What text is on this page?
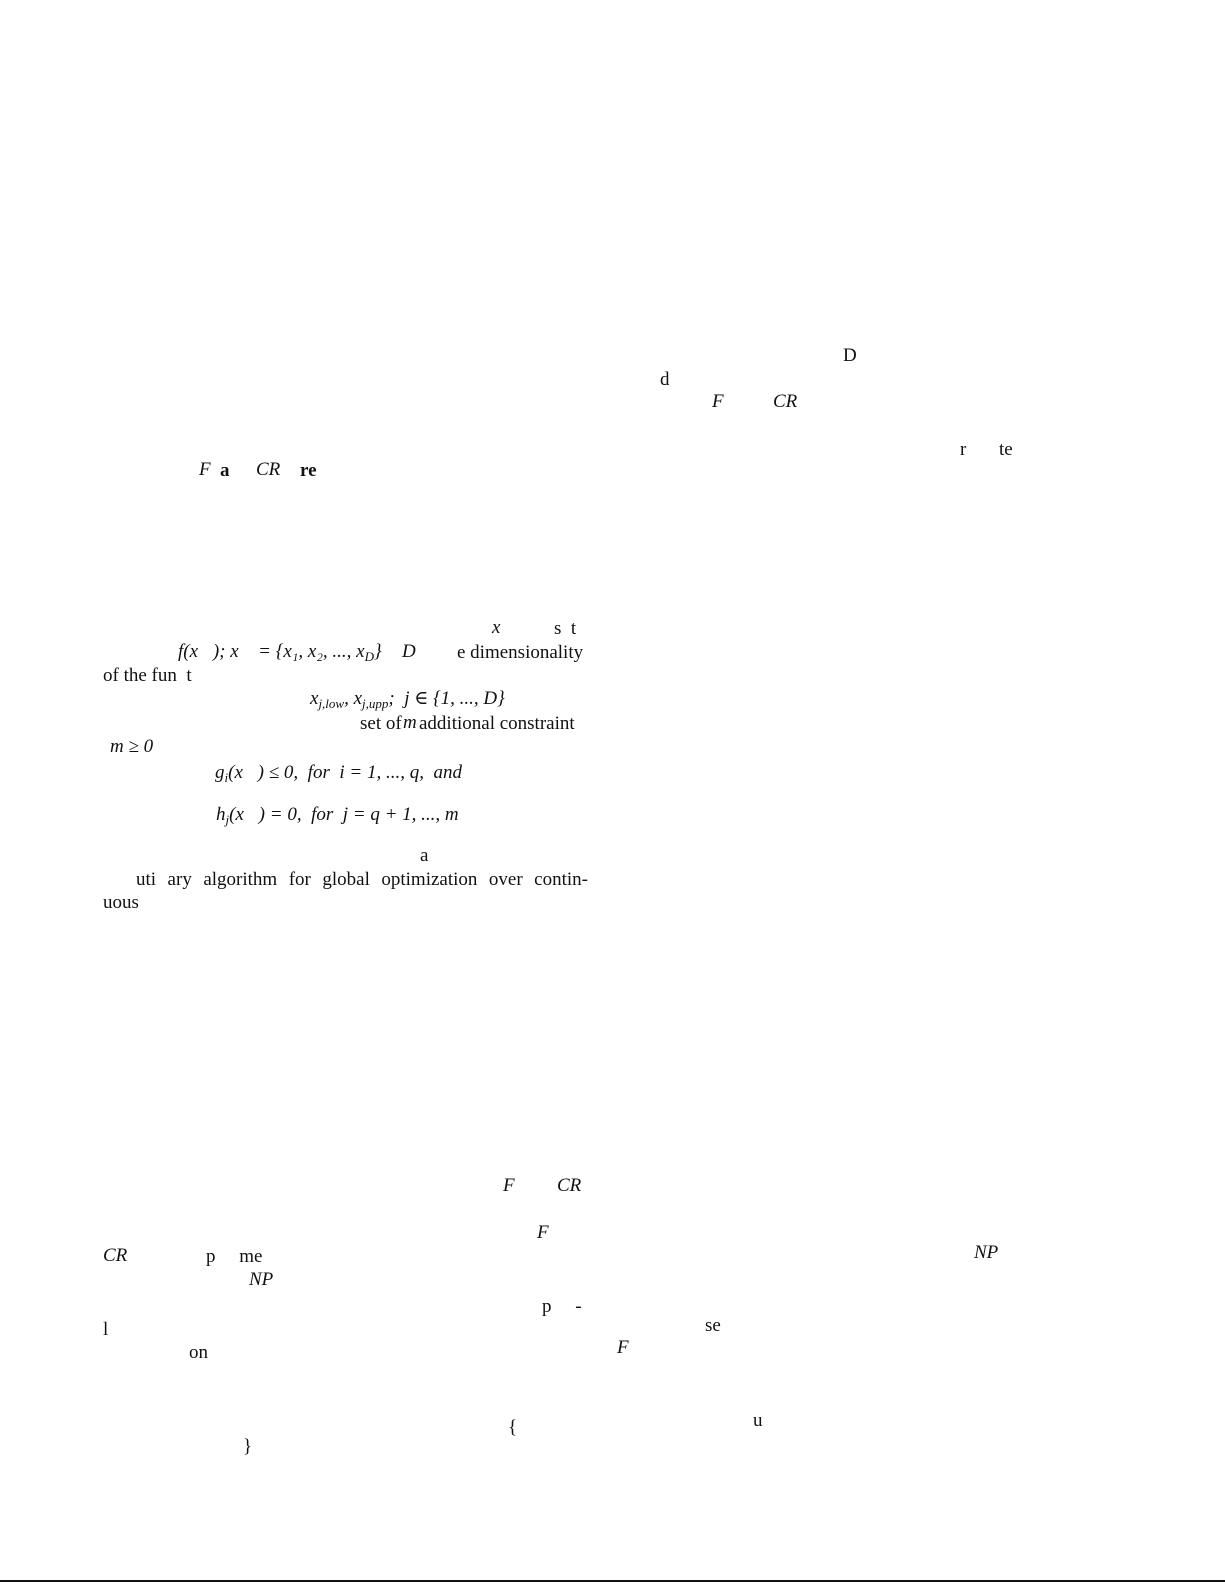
D
d
F	CR
r te
NP
se
F
u
F a CR re
x⃗ s  t
f(x⃗); x⃗ = {x₁, x₂, ..., $x_D$} D e dimensionality
of the fun  t
$x_{j,low}$, $x_{j,upp}$;  j ∈ {1, ..., D}
set of m additional constraint
m ≥ 0
$g_i(x⃗) \le 0$,  for  i = 1, ..., q,  and
$h_j(x⃗) = 0$,  for  j = q + 1, ..., m
a
uti ary algorithm for global optimization over contin-
uous
F CR
F
CR	p     me
NP
p     -
l
on
{
}
